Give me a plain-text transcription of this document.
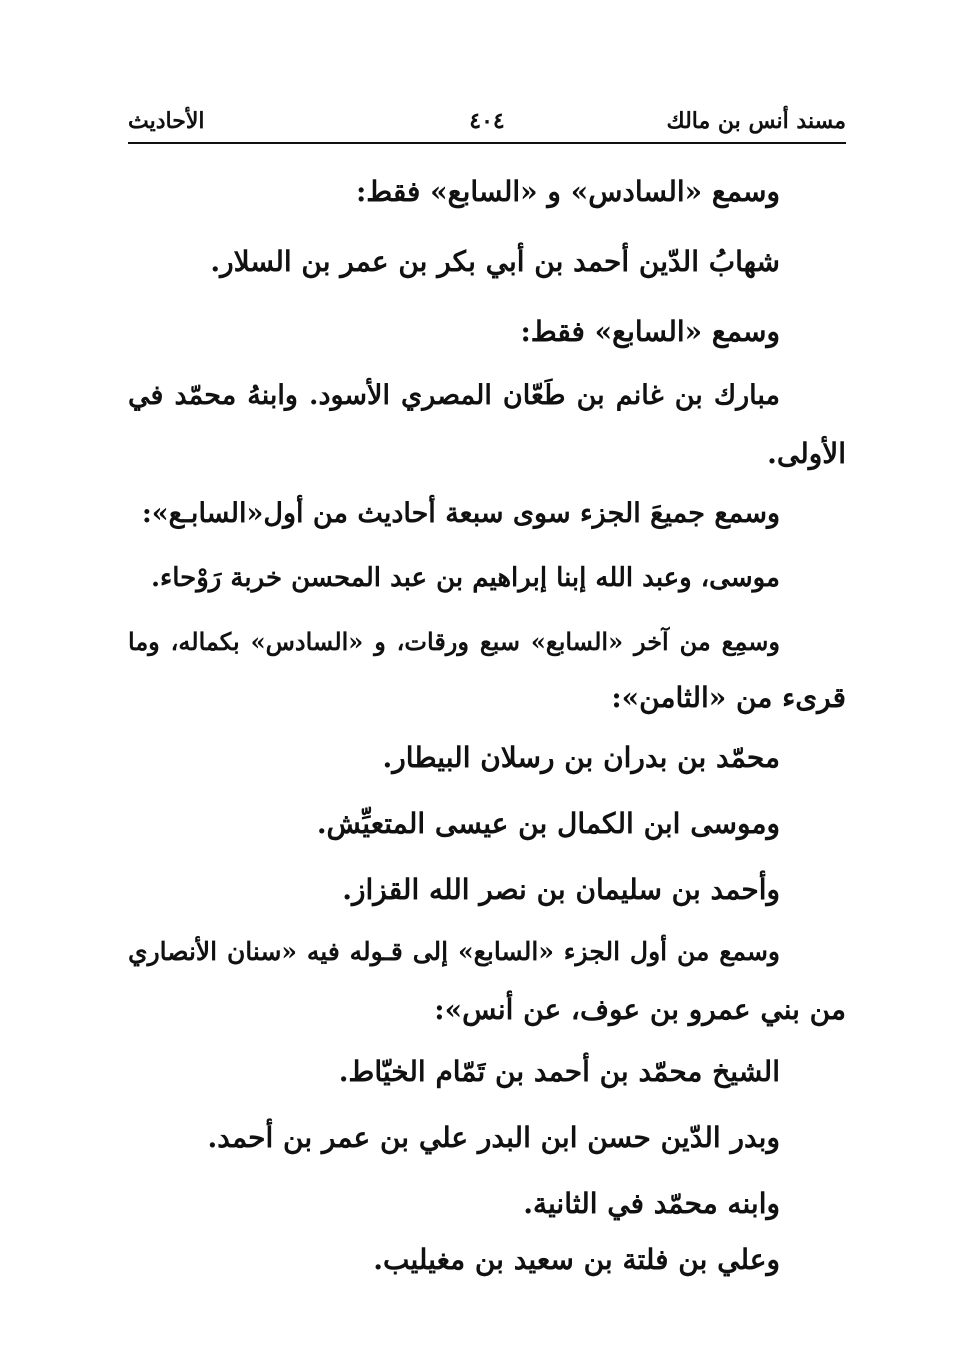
مسند أنس بن مالك
٤٠٤
الأحاديث
وسمع «السادس» و «السابع» فقط:
شهابُ الدّين أحمد بن أبي بكر بن عمر بن السلار.
وسمع «السابع» فقط:
مبارك بن غانم بن طَعّان المصري الأسود. وابنهُ محمّد في
الأولى.
وسمع جميعَ الجزء سوى سبعة أحاديث من أول«السابـع»:
موسى، وعبد الله إبنا إبراهيم بن عبد المحسن خربة رَوْحاء.
وسمِع من آخر «السابع» سبع ورقات، و «السادس» بكماله، وما
قرىء من «الثامن»:
محمّد بن بدران بن رسلان البيطار.
وموسى ابن الكمال بن عيسى المتعيِّش.
وأحمد بن سليمان بن نصر الله القزاز.
وسمع من أول الجزء «السابع» إلى قـوله فيه «سنان الأنصاري
من بني عمرو بن عوف، عن أنس»:
الشيخ محمّد بن أحمد بن تَمّام الخيّاط.
وبدر الدّين حسن ابن البدر علي بن عمر بن أحمد.
وابنه محمّد في الثانية.
وعلي بن فلتة بن سعيد بن مغيليب.
